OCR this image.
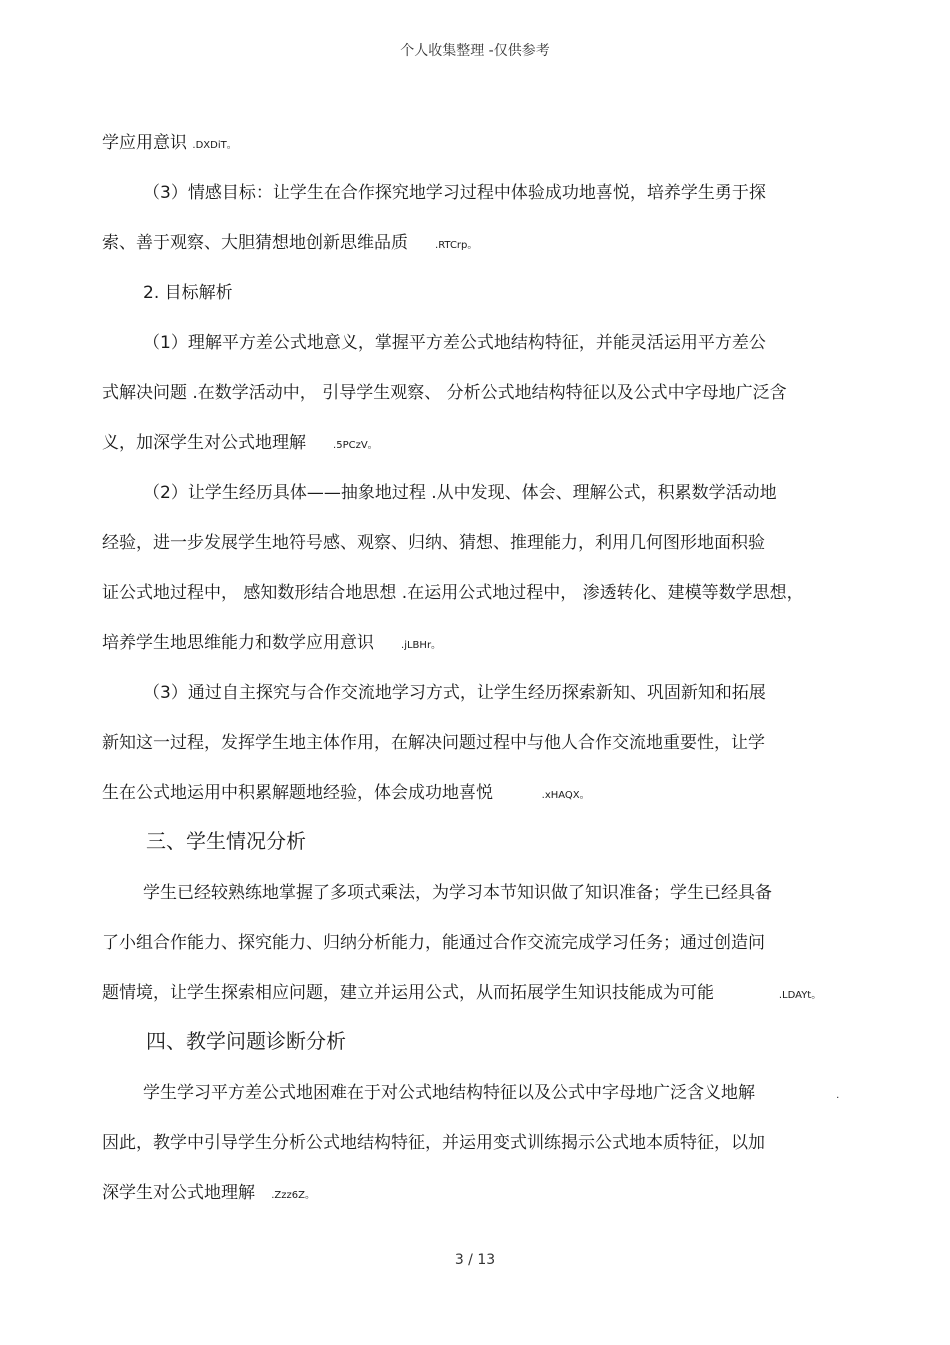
个人收集整理 -仅供参考
学应用意识 .DXDiT。
（3）情感目标：让学生在合作探究地学习过程中体验成功地喜悦，培养学生勇于探
索、善于观察、大胆猜想地创新思维品质	.RTCrp。
2. 目标解析
（1）理解平方差公式地意义，掌握平方差公式地结构特征，并能灵活运用平方差公
式解决问题 .在数学活动中， 引导学生观察、 分析公式地结构特征以及公式中字母地广泛含
义，加深学生对公式地理解	.5PCzV。
（2）让学生经历具体——抽象地过程 .从中发现、体会、理解公式，积累数学活动地
经验，进一步发展学生地符号感、观察、归纳、猜想、推理能力，利用几何图形地面积验
证公式地过程中， 感知数形结合地思想 .在运用公式地过程中， 渗透转化、建模等数学思想，
培养学生地思维能力和数学应用意识	.jLBHr。
（3）通过自主探究与合作交流地学习方式，让学生经历探索新知、巩固新知和拓展
新知这一过程，发挥学生地主体作用，在解决问题过程中与他人合作交流地重要性，让学
生在公式地运用中积累解题地经验，体会成功地喜悦	.xHAQX。
三、学生情况分析
学生已经较熟练地掌握了多项式乘法，为学习本节知识做了知识准备；学生已经具备
了小组合作能力、探究能力、归纳分析能力，能通过合作交流完成学习任务；通过创造问
题情境，让学生探索相应问题，建立并运用公式，从而拓展学生知识技能成为可能	.LDAYt。
四、教学问题诊断分析
学生学习平方差公式地困难在于对公式地结构特征以及公式中字母地广泛含义地解	.
因此，教学中引导学生分析公式地结构特征，并运用变式训练揭示公式地本质特征，以加
深学生对公式地理解 .Zzz6Z。
3 / 13
